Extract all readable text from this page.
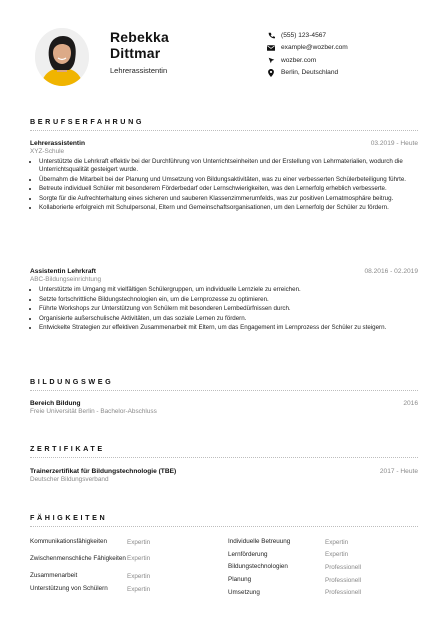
Rebekka
Dittmar
Lehrerassistentin
(555) 123-4567
example@wozber.com
wozber.com
Berlin, Deutschland
BERUFSERFAHRUNG
Lehrerassistentin	03.2019 - Heute
XYZ-Schule
• Unterstützte die Lehrkraft effektiv bei der Durchführung von Unterrichtseinheiten und der Erstellung von Lehrmaterialien, wodurch die Unterrichtsqualität gesteigert wurde.
• Übernahm die Mitarbeit bei der Planung und Umsetzung von Bildungsaktivitäten, was zu einer verbesserten Schülerbeteiligung führte.
• Betreute individuell Schüler mit besonderem Förderbedarf oder Lernschwierigkeiten, was den Lernerfolg erheblich verbesserte.
• Sorgte für die Aufrechterhaltung eines sicheren und sauberen Klassenzimmerumfelds, was zur positiven Lernatmosphäre beitrug.
• Kollaborierte erfolgreich mit Schulpersonal, Eltern und Gemeinschaftsorganisationen, um den Lernerfolg der Schüler zu fördern.
Assistentin Lehrkraft	08.2016 - 02.2019
ABC-Bildungseinrichtung
• Unterstützte im Umgang mit vielfältigen Schülergruppen, um individuelle Lernziele zu erreichen.
• Setzte fortschrittliche Bildungstechnologien ein, um die Lernprozesse zu optimieren.
• Führte Workshops zur Unterstützung von Schülern mit besonderen Lernbedürfnissen durch.
• Organisierte außerschulische Aktivitäten, um das soziale Lernen zu fördern.
• Entwickelte Strategien zur effektiven Zusammenarbeit mit Eltern, um das Engagement im Lernprozess der Schüler zu steigern.
BILDUNGSWEG
Bereich Bildung	2016
Freie Universität Berlin - Bachelor-Abschluss
ZERTIFIKATE
Trainerzertifikat für Bildungstechnologie (TBE)	2017 - Heute
Deutscher Bildungsverband
FÄHIGKEITEN
Kommunikationsfähigkeiten	Expertin
Zwischenmenschliche Fähigkeiten Expertin
Zusammenarbeit	Expertin
Unterstützung von Schülern	Expertin
Individuelle Betreuung	Expertin
Lernförderung	Expertin
Bildungstechnologien	Professionell
Planung	Professionell
Umsetzung	Professionell
